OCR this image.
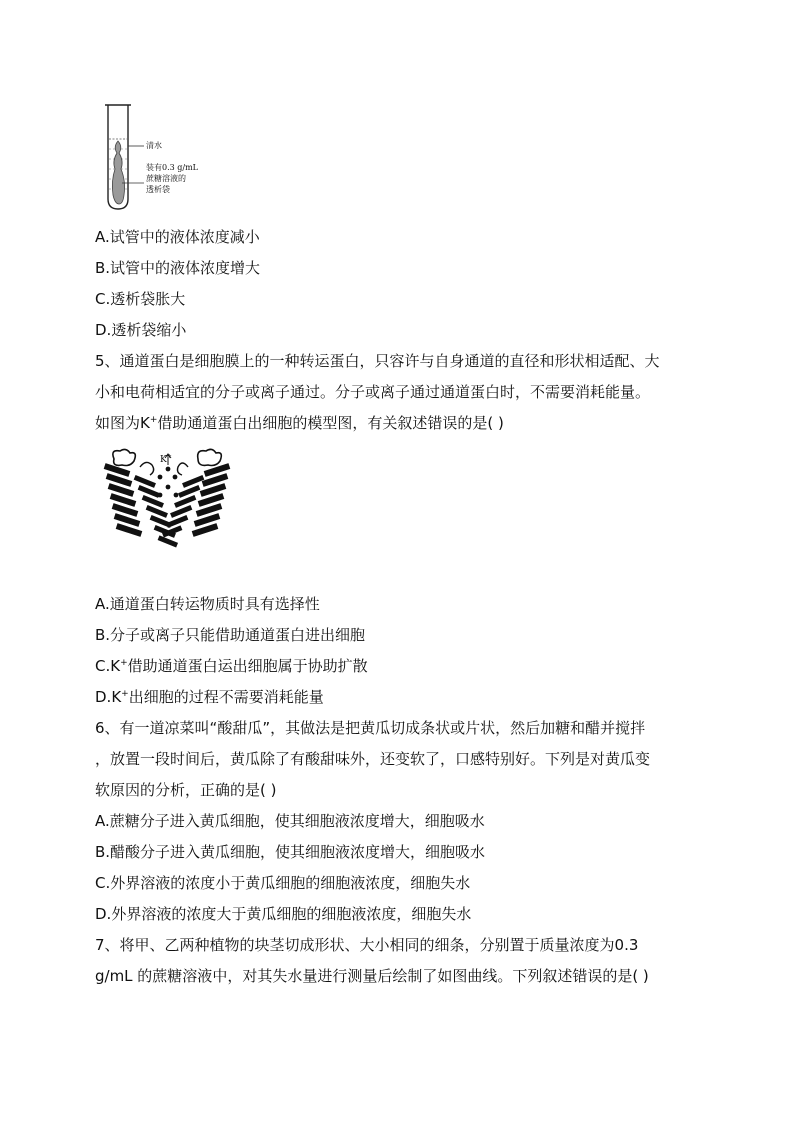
清水
装有0.3 g/mL
蔗糖溶液的
透析袋
A.试管中的液体浓度减小
B.试管中的液体浓度增大
C.透析袋胀大
D.透析袋缩小
5、通道蛋白是细胞膜上的一种转运蛋白，只容许与自身通道的直径和形状相适配、大
小和电荷相适宜的分子或离子通过。分子或离子通过通道蛋白时，不需要消耗能量。
如图为K+借助通道蛋白出细胞的模型图，有关叙述错误的是( )
K+
A.通道蛋白转运物质时具有选择性
B.分子或离子只能借助通道蛋白进出细胞
C.K+借助通道蛋白运出细胞属于协助扩散
D.K+出细胞的过程不需要消耗能量
6、有一道凉菜叫“酸甜瓜”，其做法是把黄瓜切成条状或片状，然后加糖和醋并搅拌
，放置一段时间后，黄瓜除了有酸甜味外，还变软了，口感特别好。下列是对黄瓜变
软原因的分析，正确的是( )
A.蔗糖分子进入黄瓜细胞，使其细胞液浓度增大，细胞吸水
B.醋酸分子进入黄瓜细胞，使其细胞液浓度增大，细胞吸水
C.外界溶液的浓度小于黄瓜细胞的细胞液浓度，细胞失水
D.外界溶液的浓度大于黄瓜细胞的细胞液浓度，细胞失水
7、将甲、乙两种植物的块茎切成形状、大小相同的细条，分别置于质量浓度为0.3
g/mL 的蔗糖溶液中，对其失水量进行测量后绘制了如图曲线。下列叙述错误的是( )
